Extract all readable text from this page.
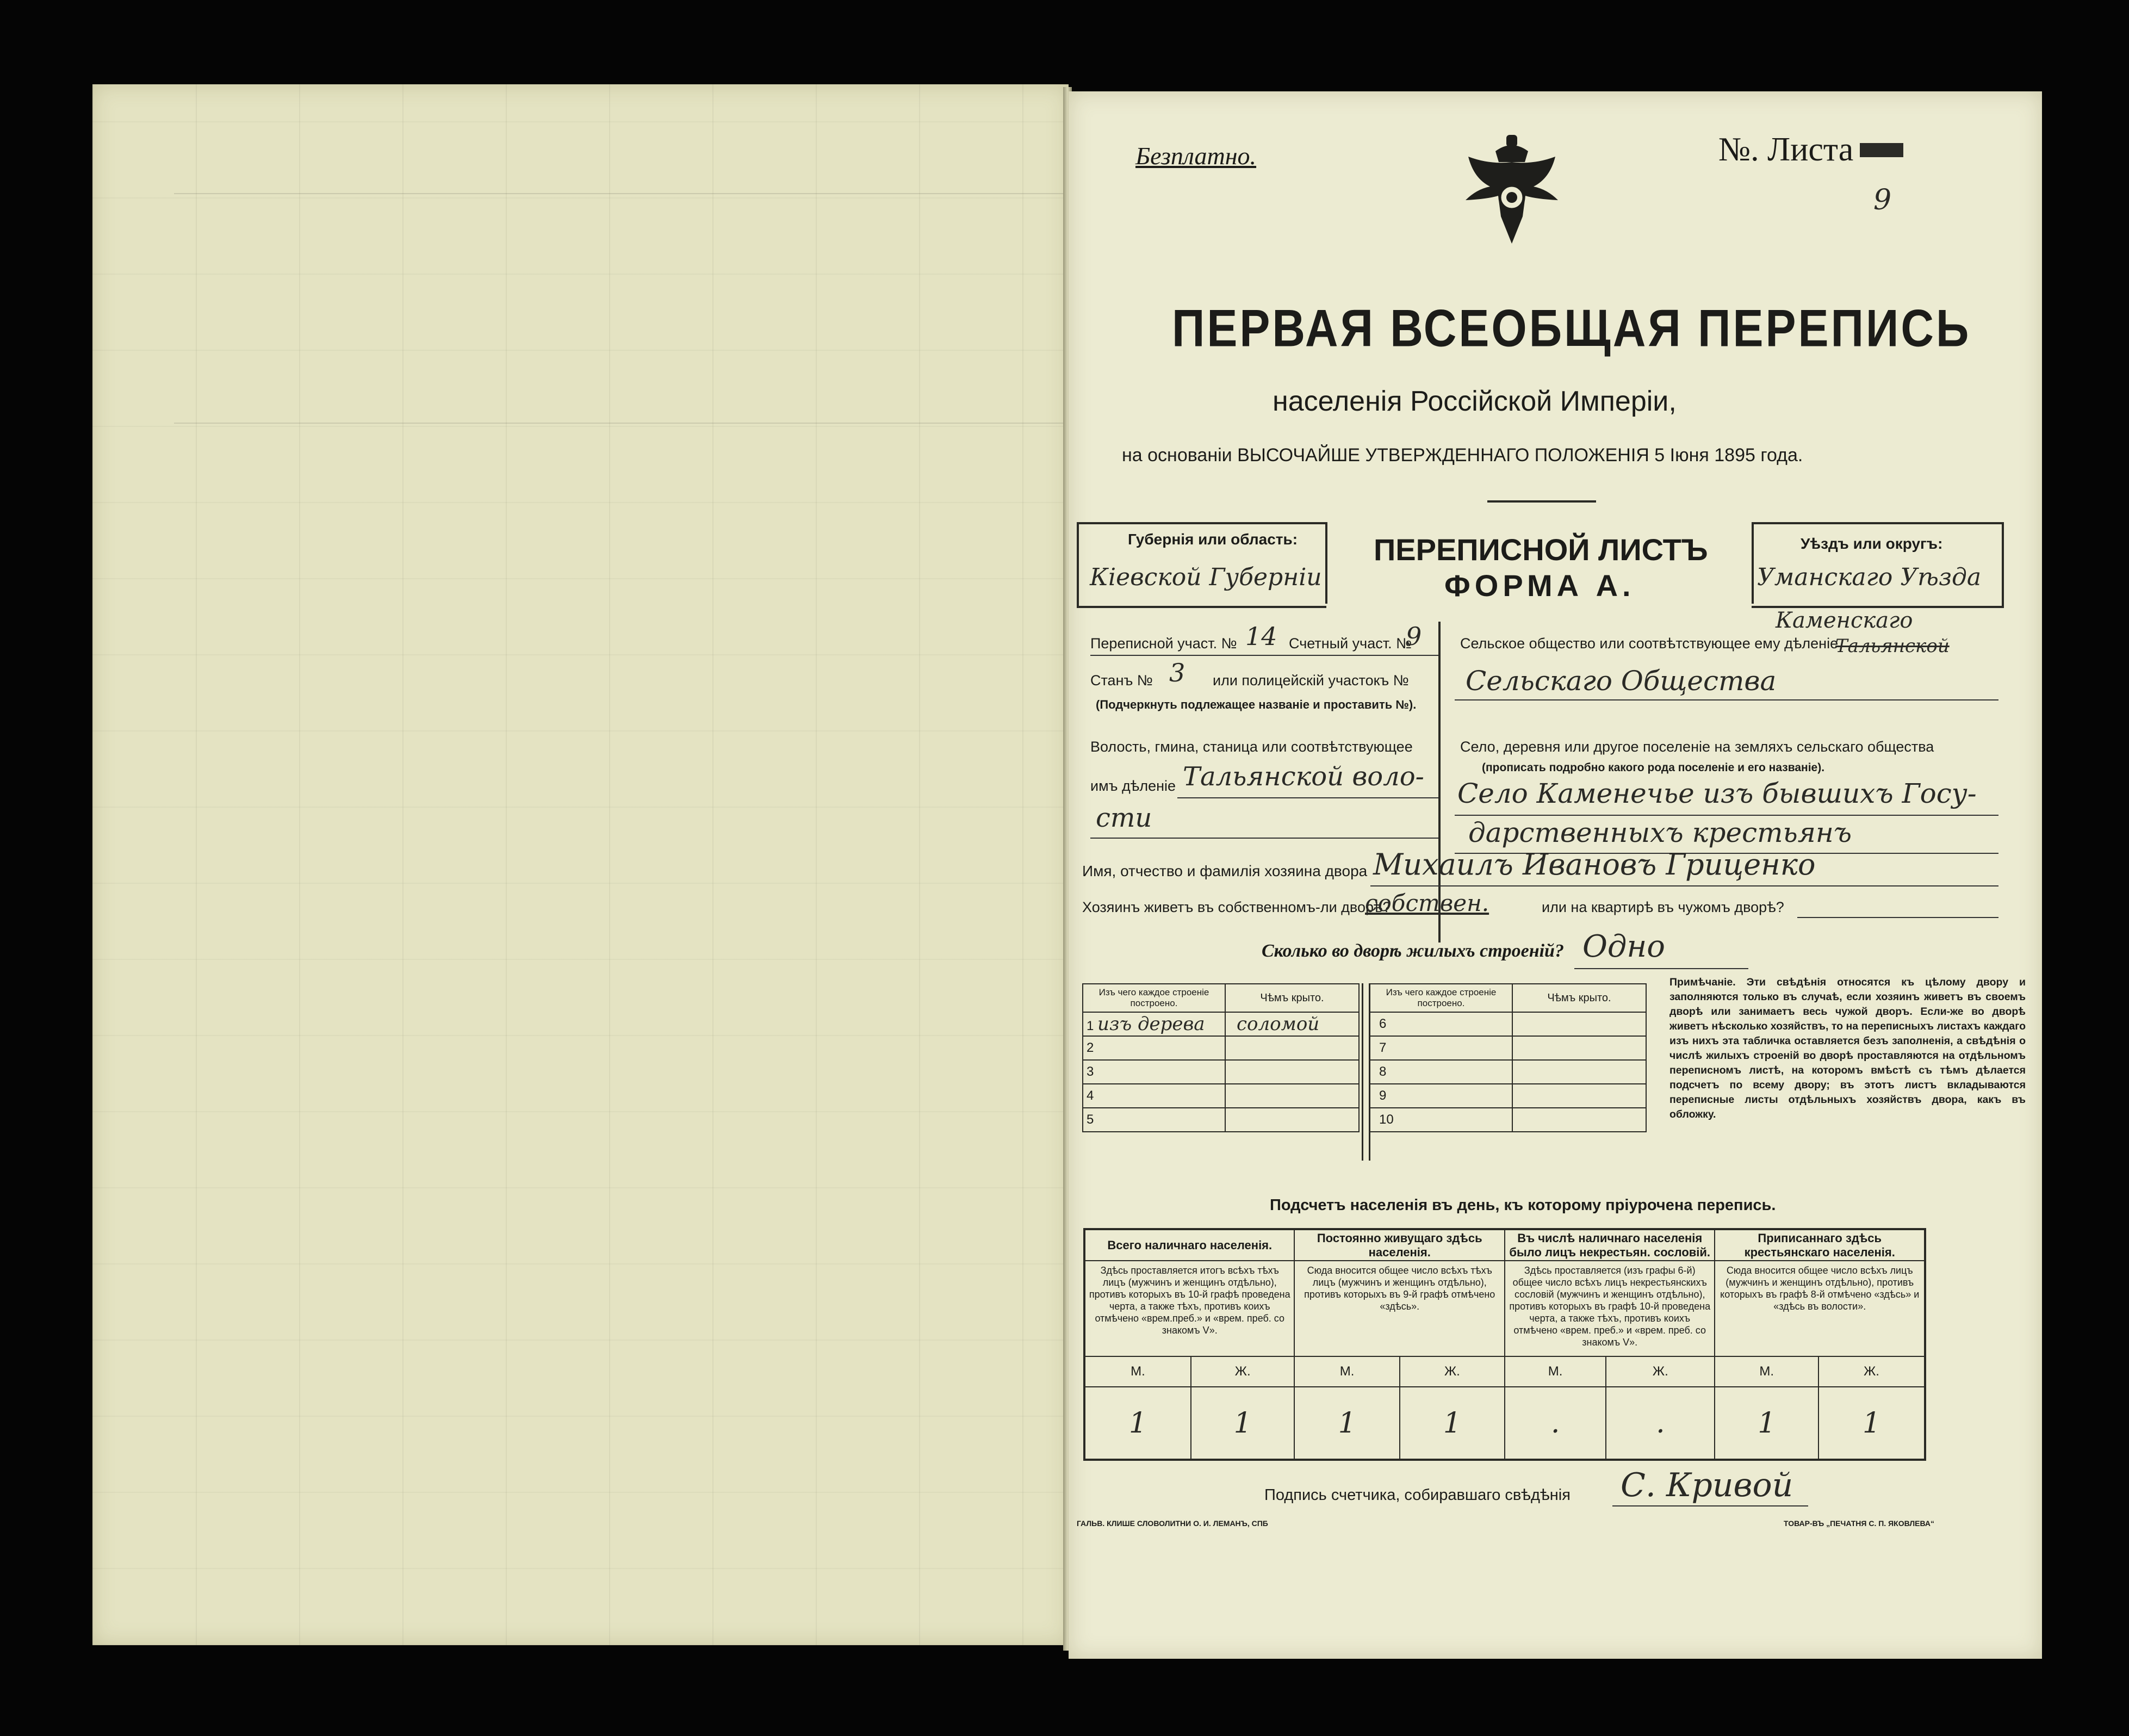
Безплатно.	№. Листа
9
ПЕРВАЯ ВСЕОБЩАЯ ПЕРЕПИСЬ
населенія Россійской Имперіи,
на основаніи ВЫСОЧАЙШЕ УТВЕРЖДЕННАГО ПОЛОЖЕНІЯ 5 Іюня 1895 года.
Губернія или область:
Кіевской Губерніи
ПЕРЕПИСНОЙ ЛИСТЪ
ФОРМА А.
Уѣздъ или округъ:
Уманскаго Уѣзда
Переписной участ. № 14 Счетный участ. №
9
Станъ № 3 или полицейскій участокъ №
(Подчеркнуть подлежащее названіе и проставить №).
Волость, гмина, станица или соотвѣтствующее
имъ дѣленіе Тальянской воло-
сти
Каменскаго
Сельское общество или соотвѣтствующее ему дѣленіе
Тальянской
Сельскаго Общества
Село, деревня или другое поселеніе на земляхъ сельскаго общества
(прописать подробно какого рода поселеніе и его названіе).
Село Каменечье изъ бывшихъ Госу-
дарственныхъ крестьянъ
Имя, отчество и фамилія хозяина двора Михаилъ Ивановъ Гриценко
Хозяинъ живетъ въ собственномъ-ли дворѣ?
собствен.	или на квартирѣ въ чужомъ дворѣ?
Сколько во дворѣ жилыхъ строеній? Одно
Изъ чего каждое строеніе построено.	Чѣмъ крыто.
1 изъ дерева	соломой
2	
3	
4	
5	
Изъ чего каждое строеніе построено.	Чѣмъ крыто.
6	
7	
8	
9	
10	
Примѣчаніе. Эти свѣдѣнія относятся къ цѣлому двору и заполняются только въ случаѣ, если хозяинъ живетъ въ своемъ дворѣ или занимаетъ весь чужой дворъ. Если-же во дворѣ живетъ нѣсколько хозяйствъ, то на переписныхъ листахъ каждаго изъ нихъ эта табличка оставляется безъ заполненія, а свѣдѣнія о числѣ жилыхъ строеній во дворѣ проставляются на отдѣльномъ переписномъ листѣ, на которомъ вмѣстѣ съ тѣмъ дѣлается подсчетъ по всему двору; въ этотъ листъ вкладываются переписные листы отдѣльныхъ хозяйствъ двора, какъ въ обложку.
Подсчетъ населенія въ день, къ которому пріурочена перепись.
Всего наличнаго населенія.		Постоянно живущаго здѣсь населенія.		Въ числѣ наличнаго населенія было лицъ некрестьян. сословій.		Приписаннаго здѣсь крестьянскаго населенія.	
Здѣсь проставляется итогъ всѣхъ тѣхъ лицъ (мужчинъ и женщинъ отдѣльно), противъ которыхъ въ 10-й графѣ проведена черта, а также тѣхъ, противъ коихъ отмѣчено «врем.преб.» и «врем. преб. со знакомъ V».		Сюда вносится общее число всѣхъ тѣхъ лицъ (мужчинъ и женщинъ отдѣльно), противъ которыхъ въ 9-й графѣ отмѣчено «здѣсь».		Здѣсь проставляется (изъ графы 6-й) общее число всѣхъ лицъ некрестьянскихъ сословій (мужчинъ и женщинъ отдѣльно), противъ которыхъ въ графѣ 10-й проведена черта, а также тѣхъ, противъ коихъ отмѣчено «врем. преб.» и «врем. преб. со знакомъ V».		Сюда вносится общее число всѣхъ лицъ (мужчинъ и женщинъ отдѣльно), противъ которыхъ въ графѣ 8-й отмѣчено «здѣсь» и «здѣсь въ волости».	
М.	Ж.	М.	Ж.	М.	Ж.	М.	Ж.
1	1	1	1	.	.	1	1
Подпись счетчика, собиравшаго свѣдѣнія С. Кривой
ГАЛЬВ. КЛИШЕ СЛОВОЛИТНИ О. И. ЛЕМАНЪ, СПБ	ТОВАР-ВЪ „ПЕЧАТНЯ С. П. ЯКОВЛЕВА“
